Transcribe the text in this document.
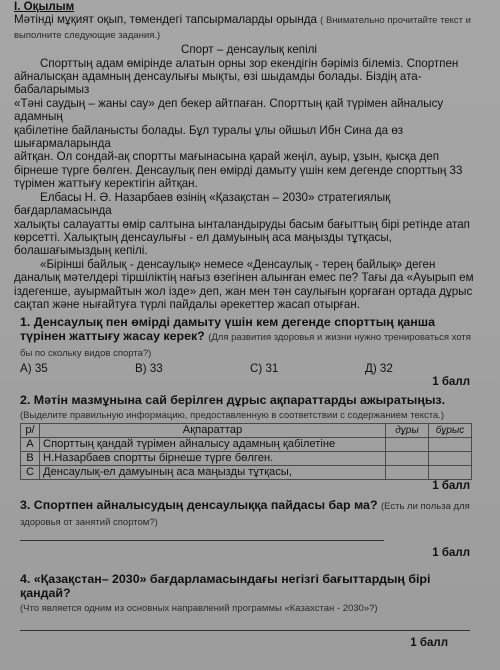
I. Оқылым

Мәтінді мұқият оқып, төмендегі тапсырмаларды орында ( Внимательно прочитайте текст и выполните следующие задания.)

Спорт – денсаулық кепілі

Спорттың адам өміріндe алатын орны зор екендігін бәріміз білеміз. Спортпен

айналысқан адамның денсаулығы мықты, өзі шыдамды болады. Біздің ата-бабаларымыз

«Тәні саудың – жаны сау» деп бекер айтпаған. Спорттың қай түрімен айналысу адамның

қабілетіне байланысты болады. Бұл туралы ұлы ойшыл Ибн Сина да өз шығармаларында

айтқан. Ол сондай-ақ спортты мағынасына қарай жеңіл, ауыр, ұзын, қысқа деп бірнеше түрге бөлген. Денсаулық пен өмірді дамыту үшін кем дегенде спорттың 33 түрімен жаттығу керектігін айтқан.

Елбасы Н. Ә. Назарбаев өзінің «Қазақстан – 2030» стратегиялық бағдарламасында

халықты салауатты өмір салтына ынталандыруды басым бағыттың бірі ретінде атап көрсетті. Халықтың денсаулығы - ел дамуының аса маңызды тұтқасы, болашағымыздың кепілі.

«Бірінші байлық - денсаулық» немесе «Денсаулық - терең байлық» деген даналық мәтелдері тіршіліктің нағыз өзегінен алынған емес пе? Тағы да «Ауырып ем іздегенше, ауырмайтын жол ізде» деп, жан мен тән саулығын қорғаған ортада дұрыс сақтап және нығайтуға түрлі пайдалы әрекеттер жасап отырған.

1. Денсаулық пен өмірді дамыту үшін кем дегенде спорттың қанша түрінен жаттығу жасау керек? (Для развития здоровья и жизни нужно тренироваться хотя бы по скольку видов спорта?)
A) 35	B) 33	C) 31	Д) 32
1 балл
2. Мәтін мазмұнына сай берілген дұрыс ақпараттарды ажыратыңыз.
(Выделите правильную информацию, предоставленную в соответствии с содержанием текста.)
р/	Ақпараттар	дұры	бұрыс
A	Спорттың қандай түрімен айналысу адамның қабілетіне		
B	Н.Назарбаев спортты бірнеше түрге бөлген.		
C	Денсаулық-ел дамуының аса маңызды тұтқасы,		
1 балл
3. Спортпен айналысудың денсаулыққа пайдасы бар ма? (Есть ли польза для здоровья от занятий спортом?)
1 балл
4. «Қазақстан– 2030» бағдарламасындағы негізгі бағыттардың бірі қандай?
(Что является одним из основных направлений программы «Казахстан - 2030»?)
1 балл
